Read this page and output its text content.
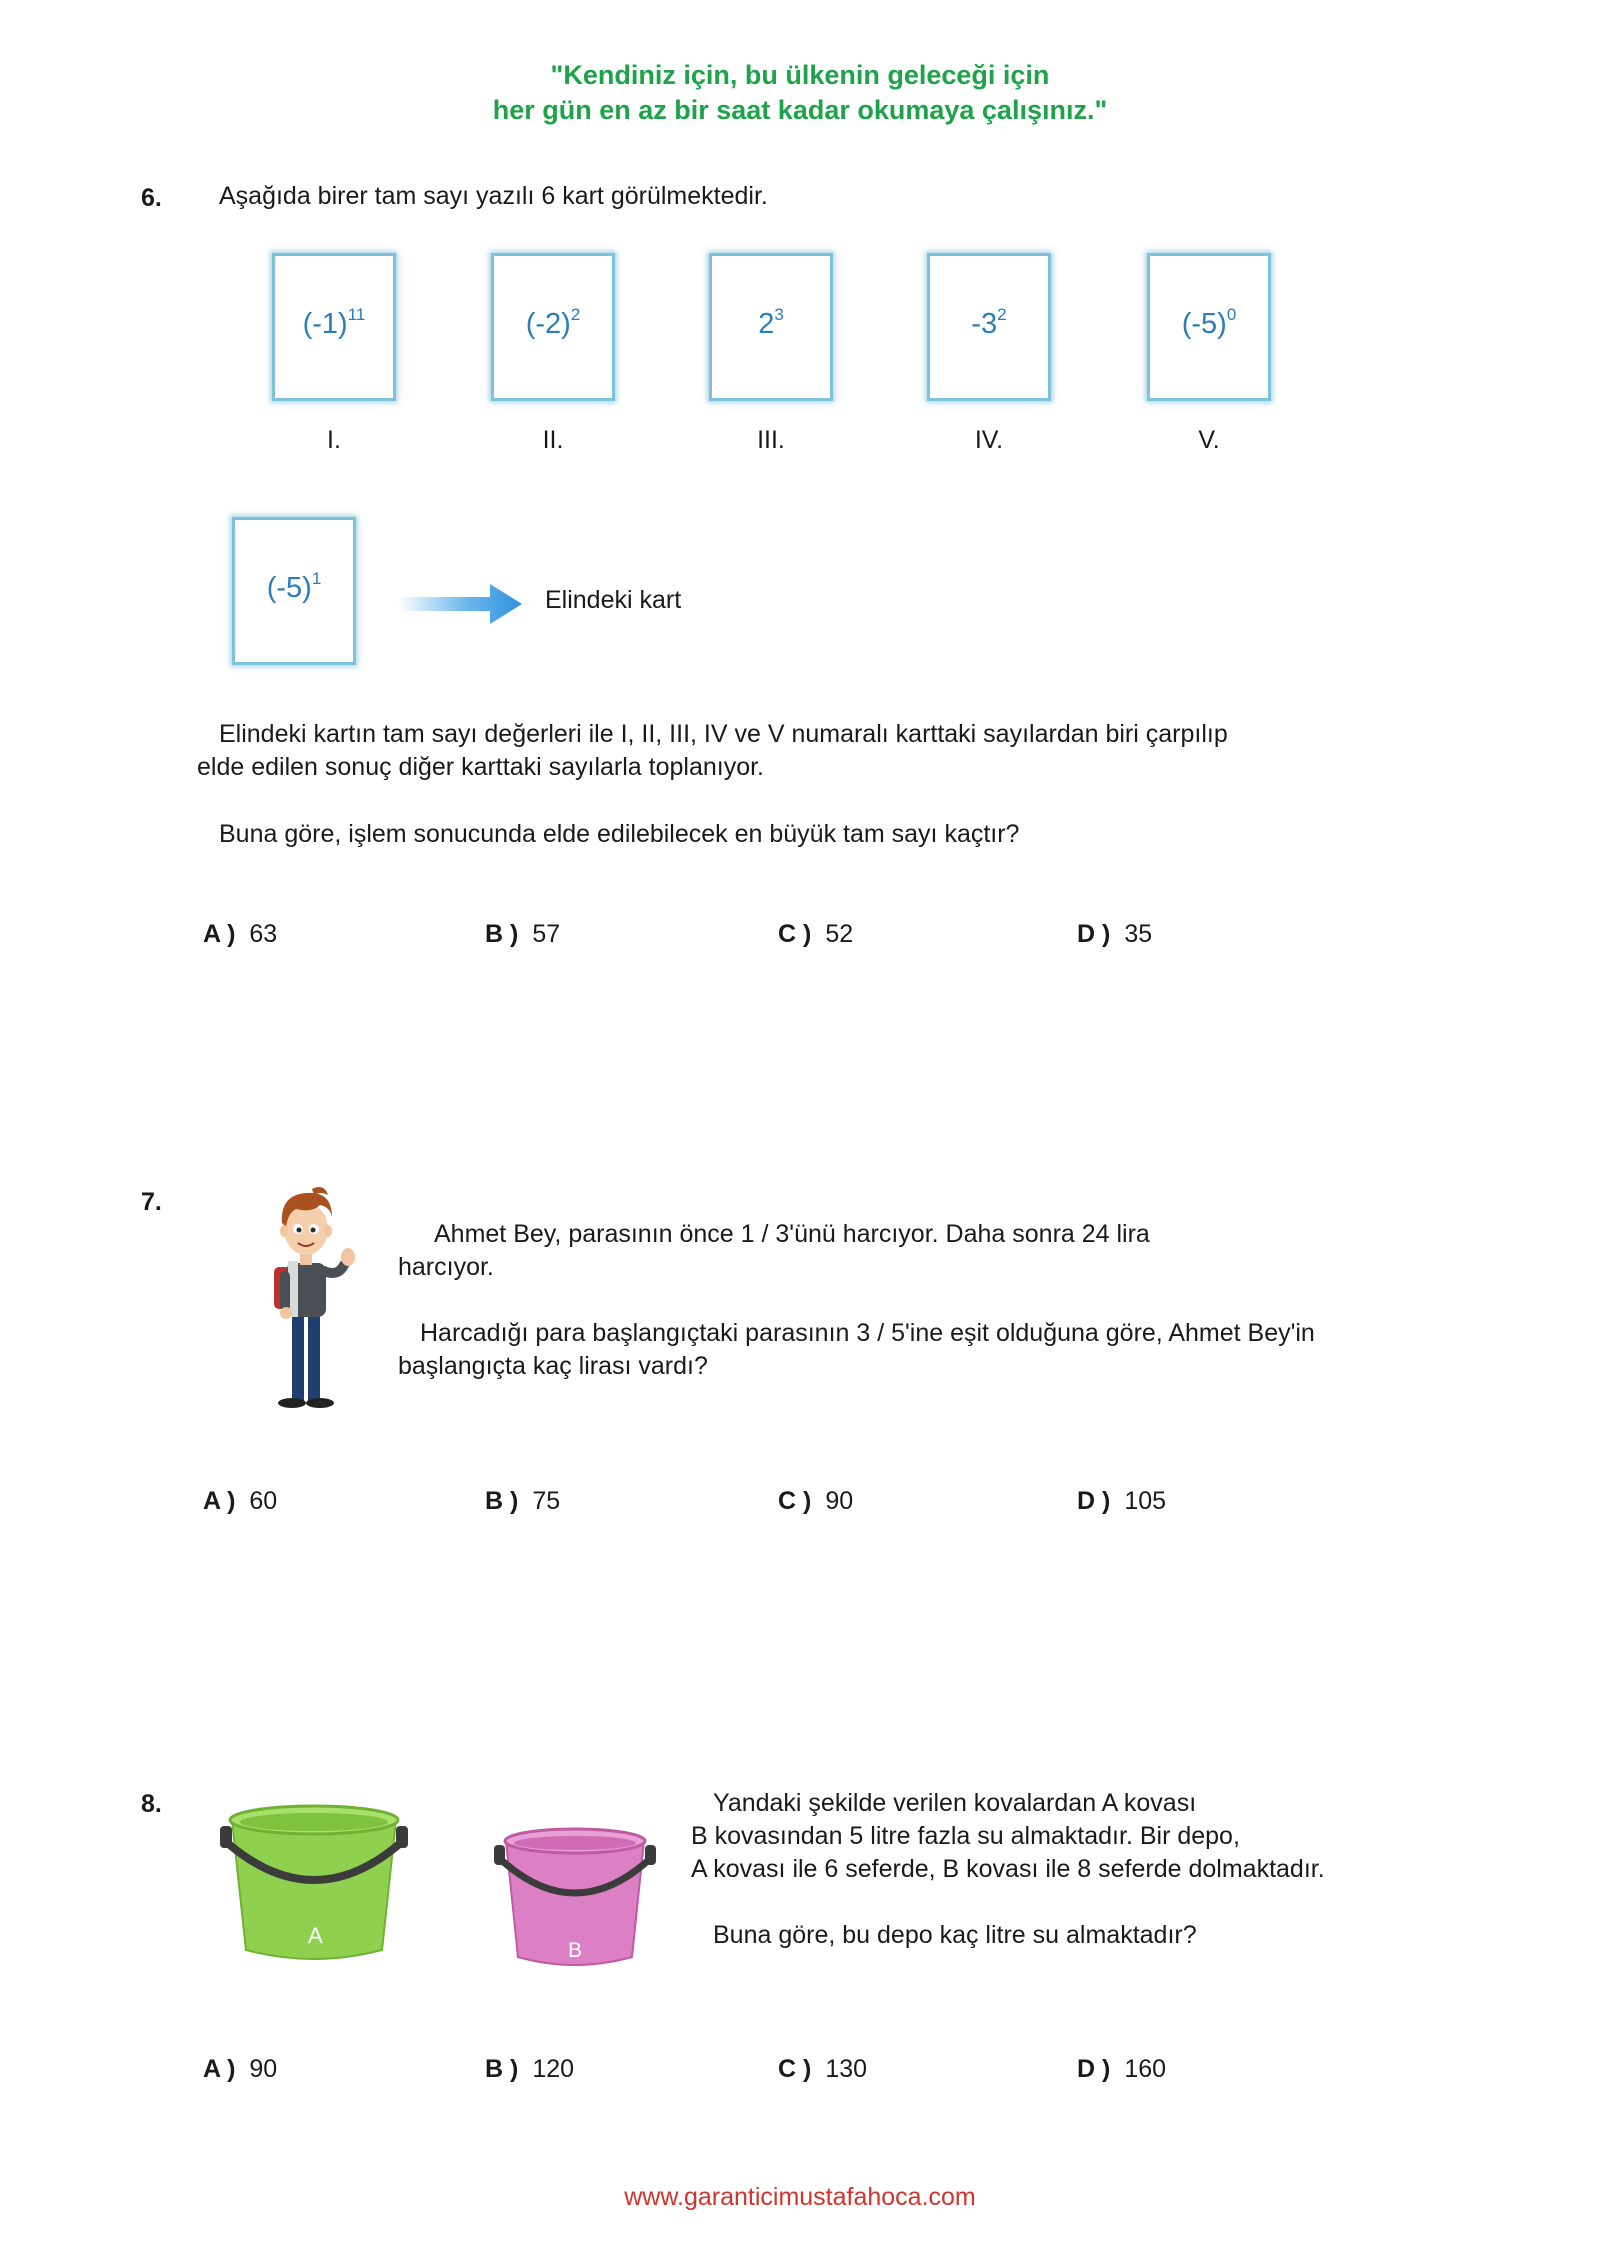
"Kendiniz için, bu ülkenin geleceği için
her gün en az bir saat kadar okumaya çalışınız."
6. Aşağıda birer tam sayı yazılı 6 kart görülmektedir.
$(-1)^{11}$	$(-2)^2$	$2^3$	$-3^2$	$(-5)^0$
I.	II.	III.	IV.	V.
$(-5)^1$
Elindeki kart
Elindeki kartın tam sayı değerleri ile I, II, III, IV ve V numaralı karttaki sayılardan biri çarpılıp
elde edilen sonuç diğer karttaki sayılarla toplanıyor.
Buna göre, işlem sonucunda elde edilebilecek en büyük tam sayı kaçtır?
A ) 63	B ) 57	C ) 52	D ) 35
7.
Ahmet Bey, parasının önce 1 / 3'ünü harcıyor. Daha sonra 24 lira
harcıyor.
Harcadığı para başlangıçtaki parasının 3 / 5'ine eşit olduğuna göre, Ahmet Bey'in
başlangıçta kaç lirası vardı?
A ) 60	B ) 75	C ) 90	D ) 105
8.
A
B
Yandaki şekilde verilen kovalardan A kovası
B kovasından 5 litre fazla su almaktadır. Bir depo,
A kovası ile 6 seferde, B kovası ile 8 seferde dolmaktadır.
Buna göre, bu depo kaç litre su almaktadır?
A ) 90	B ) 120	C ) 130	D ) 160
www.garanticimustafahoca.com
